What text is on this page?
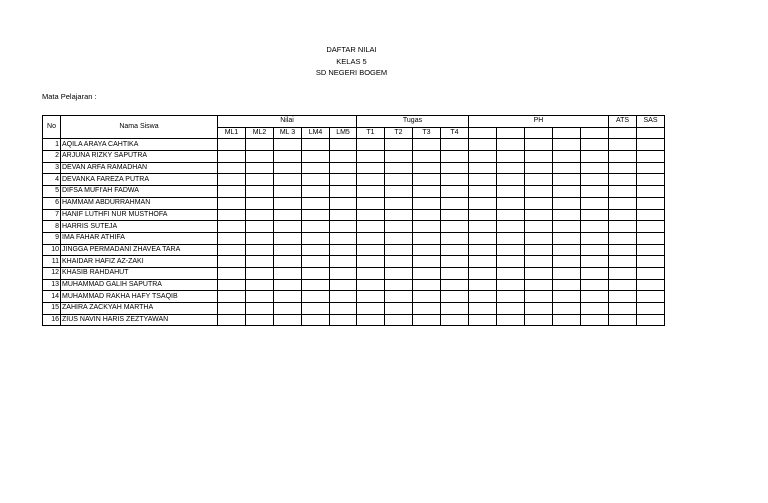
DAFTAR NILAI
KELAS 5
SD NEGERI BOGEM
Mata Pelajaran :
No	Nama Siswa	Nilai					Tugas				PH					ATS	SAS
		ML1	ML2	ML 3	LM4	LM5	T1	T2	T3	T4							
1	AQILA ARAYA CAHTIKA																
2	ARJUNA RIZKY SAPUTRA																
3	DEVAN ARFA RAMADHAN																
4	DEVANKA FAREZA PUTRA																
5	DIFSA MUFI'AH FADWA																
6	HAMMAM ABDURRAHMAN																
7	HANIF LUTHFI NUR MUSTHOFA																
8	HARRIS SUTEJA																
9	IMA FAHAR ATHIFA																
10	JINGGA PERMADANI ZHAVEA TARA																
11	KHAIDAR HAFIZ AZ-ZAKI																
12	KHASIB RAHDAHUT																
13	MUHAMMAD GALIH SAPUTRA																
14	MUHAMMAD RAKHA HAFY TSAQIB																
15	ZAHIRA ZACKYAH MARTHA																
16	ZIUS NAVIN HARIS ZEZTYAWAN																
